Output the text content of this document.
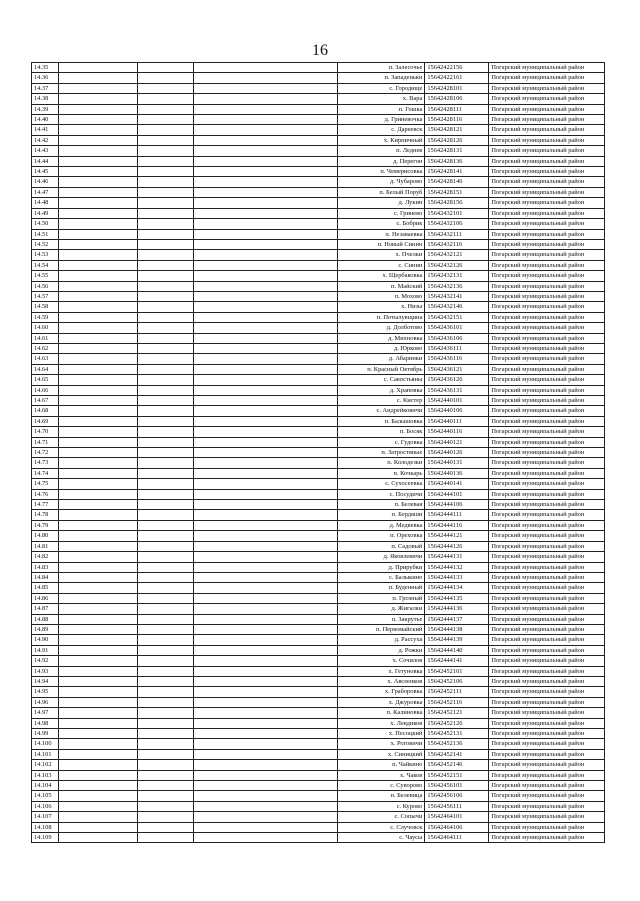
16
14.35				п. Залесочье	15642422156	Погарский муниципальный район
14.36				п. Западеньки	15642422161	Погарский муниципальный район
14.37				с. Городище	15642428101	Погарский муниципальный район
14.38				х. Вара	15642428106	Погарский муниципальный район
14.39				п. Гошка	15642428111	Погарский муниципальный район
14.40				д. Гриневочка	15642428116	Погарский муниципальный район
14.41				с. Дареевск	15642428121	Погарский муниципальный район
14.42				х. Кирпичный	15642428126	Погарский муниципальный район
14.43				п. Леднев	15642428131	Погарский муниципальный район
14.44				д. Перегон	15642428136	Погарский муниципальный район
14.45				п. Чемерисовка	15642428141	Погарский муниципальный район
14.46				д. Чубарово	15642428146	Погарский муниципальный район
14.47				п. Белый Поруб	15642428151	Погарский муниципальный район
14.48				д. Лукин	15642428156	Погарский муниципальный район
14.49				с. Гринево	15642432101	Погарский муниципальный район
14.50				с. Бобрик	15642432106	Погарский муниципальный район
14.51				п. Незаваевка	15642432111	Погарский муниципальный район
14.52				п. Новый Синин	15642432116	Погарский муниципальный район
14.53				х. Пчелки	15642432121	Погарский муниципальный район
14.54				с. Синин	15642432126	Погарский муниципальный район
14.55				х. Щербаковка	15642432131	Погарский муниципальный район
14.56				п. Майский	15642432136	Погарский муниципальный район
14.57				п. Мохово	15642432141	Погарский муниципальный район
14.58				х. Низы	15642432146	Погарский муниципальный район
14.59				п. Потылувщина	15642432151	Погарский муниципальный район
14.60				д. Долботово	15642436101	Погарский муниципальный район
14.61				д. Михновка	15642436106	Погарский муниципальный район
14.62				д. Юрково	15642436111	Погарский муниципальный район
14.63				д. Абаринки	15642436116	Погарский муниципальный район
14.64				п. Красный Октябрь	15642436121	Погарский муниципальный район
14.65				с. Савостьяны	15642436126	Погарский муниципальный район
14.66				д. Храповка	15642436131	Погарский муниципальный район
14.67				с. Кистер	15642440101	Погарский муниципальный район
14.68				с. Андрейковичи	15642440106	Погарский муниципальный район
14.69				п. Балышовка	15642440111	Погарский муниципальный район
14.70				п. Босяк	15642440116	Погарский муниципальный район
14.71				с. Гудовка	15642440121	Погарский муниципальный район
14.72				п. Затростяные	15642440126	Погарский муниципальный район
14.73				п. Колодезки	15642440131	Погарский муниципальный район
14.74				п. Кочкарь	15642440136	Погарский муниципальный район
14.75				с. Сухосеевка	15642440141	Погарский муниципальный район
14.76				с. Посудичи	15642444101	Погарский муниципальный район
14.77				п. Белевая	15642444106	Погарский муниципальный район
14.78				п. Бердяши	15642444111	Погарский муниципальный район
14.79				д. Медвевка	15642444116	Погарский муниципальный район
14.80				п. Ореховка	15642444121	Погарский муниципальный район
14.81				п. Садовый	15642444126	Погарский муниципальный район
14.82				д. Яковлевичи	15642444131	Погарский муниципальный район
14.83				д. Прирубки	15642444132	Погарский муниципальный район
14.84				с. Балыкино	15642444133	Погарский муниципальный район
14.85				п. Буденный	15642444134	Погарский муниципальный район
14.86				п. Грозный	15642444135	Погарский муниципальный район
14.87				д. Жигалки	15642444136	Погарский муниципальный район
14.88				п. Закрутье	15642444137	Погарский муниципальный район
14.89				п. Первомайский	15642444138	Погарский муниципальный район
14.90				д. Рассуха	15642444139	Погарский муниципальный район
14.91				д. Рожки	15642444140	Погарский муниципальный район
14.92				х. Сочилов	15642444141	Погарский муниципальный район
14.93				х. Гетуновка	15642452101	Погарский муниципальный район
14.94				х. Авсеенков	15642452106	Погарский муниципальный район
14.95				х. Граборовка	15642452111	Погарский муниципальный район
14.96				х. Джуровка	15642452116	Погарский муниципальный район
14.97				п. Калиновка	15642452121	Погарский муниципальный район
14.98				х. Левдиков	15642452126	Погарский муниципальный район
14.99				х. Песоцкий	15642452131	Погарский муниципальный район
14.100				х. Роговичи	15642452136	Погарский муниципальный район
14.101				х. Синицкий	15642452141	Погарский муниципальный район
14.102				п. Чайкино	15642452146	Погарский муниципальный район
14.103				х. Чаков	15642452151	Погарский муниципальный район
14.104				с. Суворово	15642456101	Погарский муниципальный район
14.105				п. Белевица	15642456106	Погарский муниципальный район
14.106				с. Курово	15642456111	Погарский муниципальный район
14.107				с. Сопычи	15642464101	Погарский муниципальный район
14.108				с. Случовск	15642464106	Погарский муниципальный район
14.109				с. Чаусы	15642464111	Погарский муниципальный район
